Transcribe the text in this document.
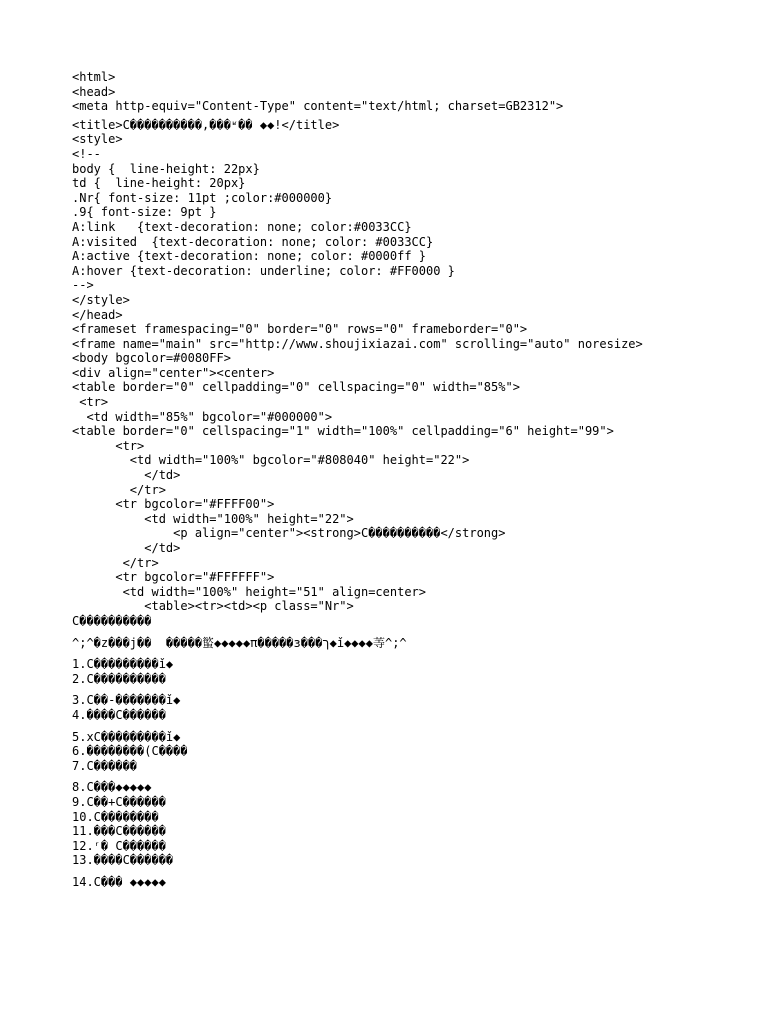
<html>
<head>
<meta http-equiv="Content-Type" content="text/html; charset=GB2312">
<title>C����������,���ʶ�� ◆◆!</title>
<style>
<!--
body {  line-height: 22px}
td {  line-height: 20px}
.Nr{ font-size: 11pt ;color:#000000}
.9{ font-size: 9pt }
A:link   {text-decoration: none; color:#0033CC}
A:visited  {text-decoration: none; color: #0033CC}
A:active {text-decoration: none; color: #0000ff }
A:hover {text-decoration: underline; color: #FF0000 }
-->
</style>
</head>
<frameset framespacing="0" border="0" rows="0" frameborder="0">
<frame name="main" src="http://www.shoujixiazai.com" scrolling="auto" noresize>
<body bgcolor=#0080FF>
<div align="center"><center>
<table border="0" cellpadding="0" cellspacing="0" width="85%">
<tr>
<td width="85%" bgcolor="#000000">
<table border="0" cellspacing="1" width="100%" cellpadding="6" height="99">
<tr>
<td width="100%" bgcolor="#808040" height="22">
</td>
</tr>
<tr bgcolor="#FFFF00">
<td width="100%" height="22">
<p align="center"><strong>C����������</strong>
</td>
</tr>
<tr bgcolor="#FFFFFF">
<td width="100%" height="51" align=center>
<table><tr><td><p class="Nr">
C����������
^;^�z���j��  �����螸◆◆◆◆◆π�����з���ך◆ǐ◆◆◆◆䓁^;^
1.C���������ǐ◆
2.C����������
3.C��-�������ǐ◆
4.����C������
5.xC���������ǐ◆
6.��������(C����
7.C������
8.C���◆◆◆◆◆
9.C��+C������
10.C��������
11.���C������
12.ʳ� C������
13.����C������
14.C��� ◆◆◆◆◆
